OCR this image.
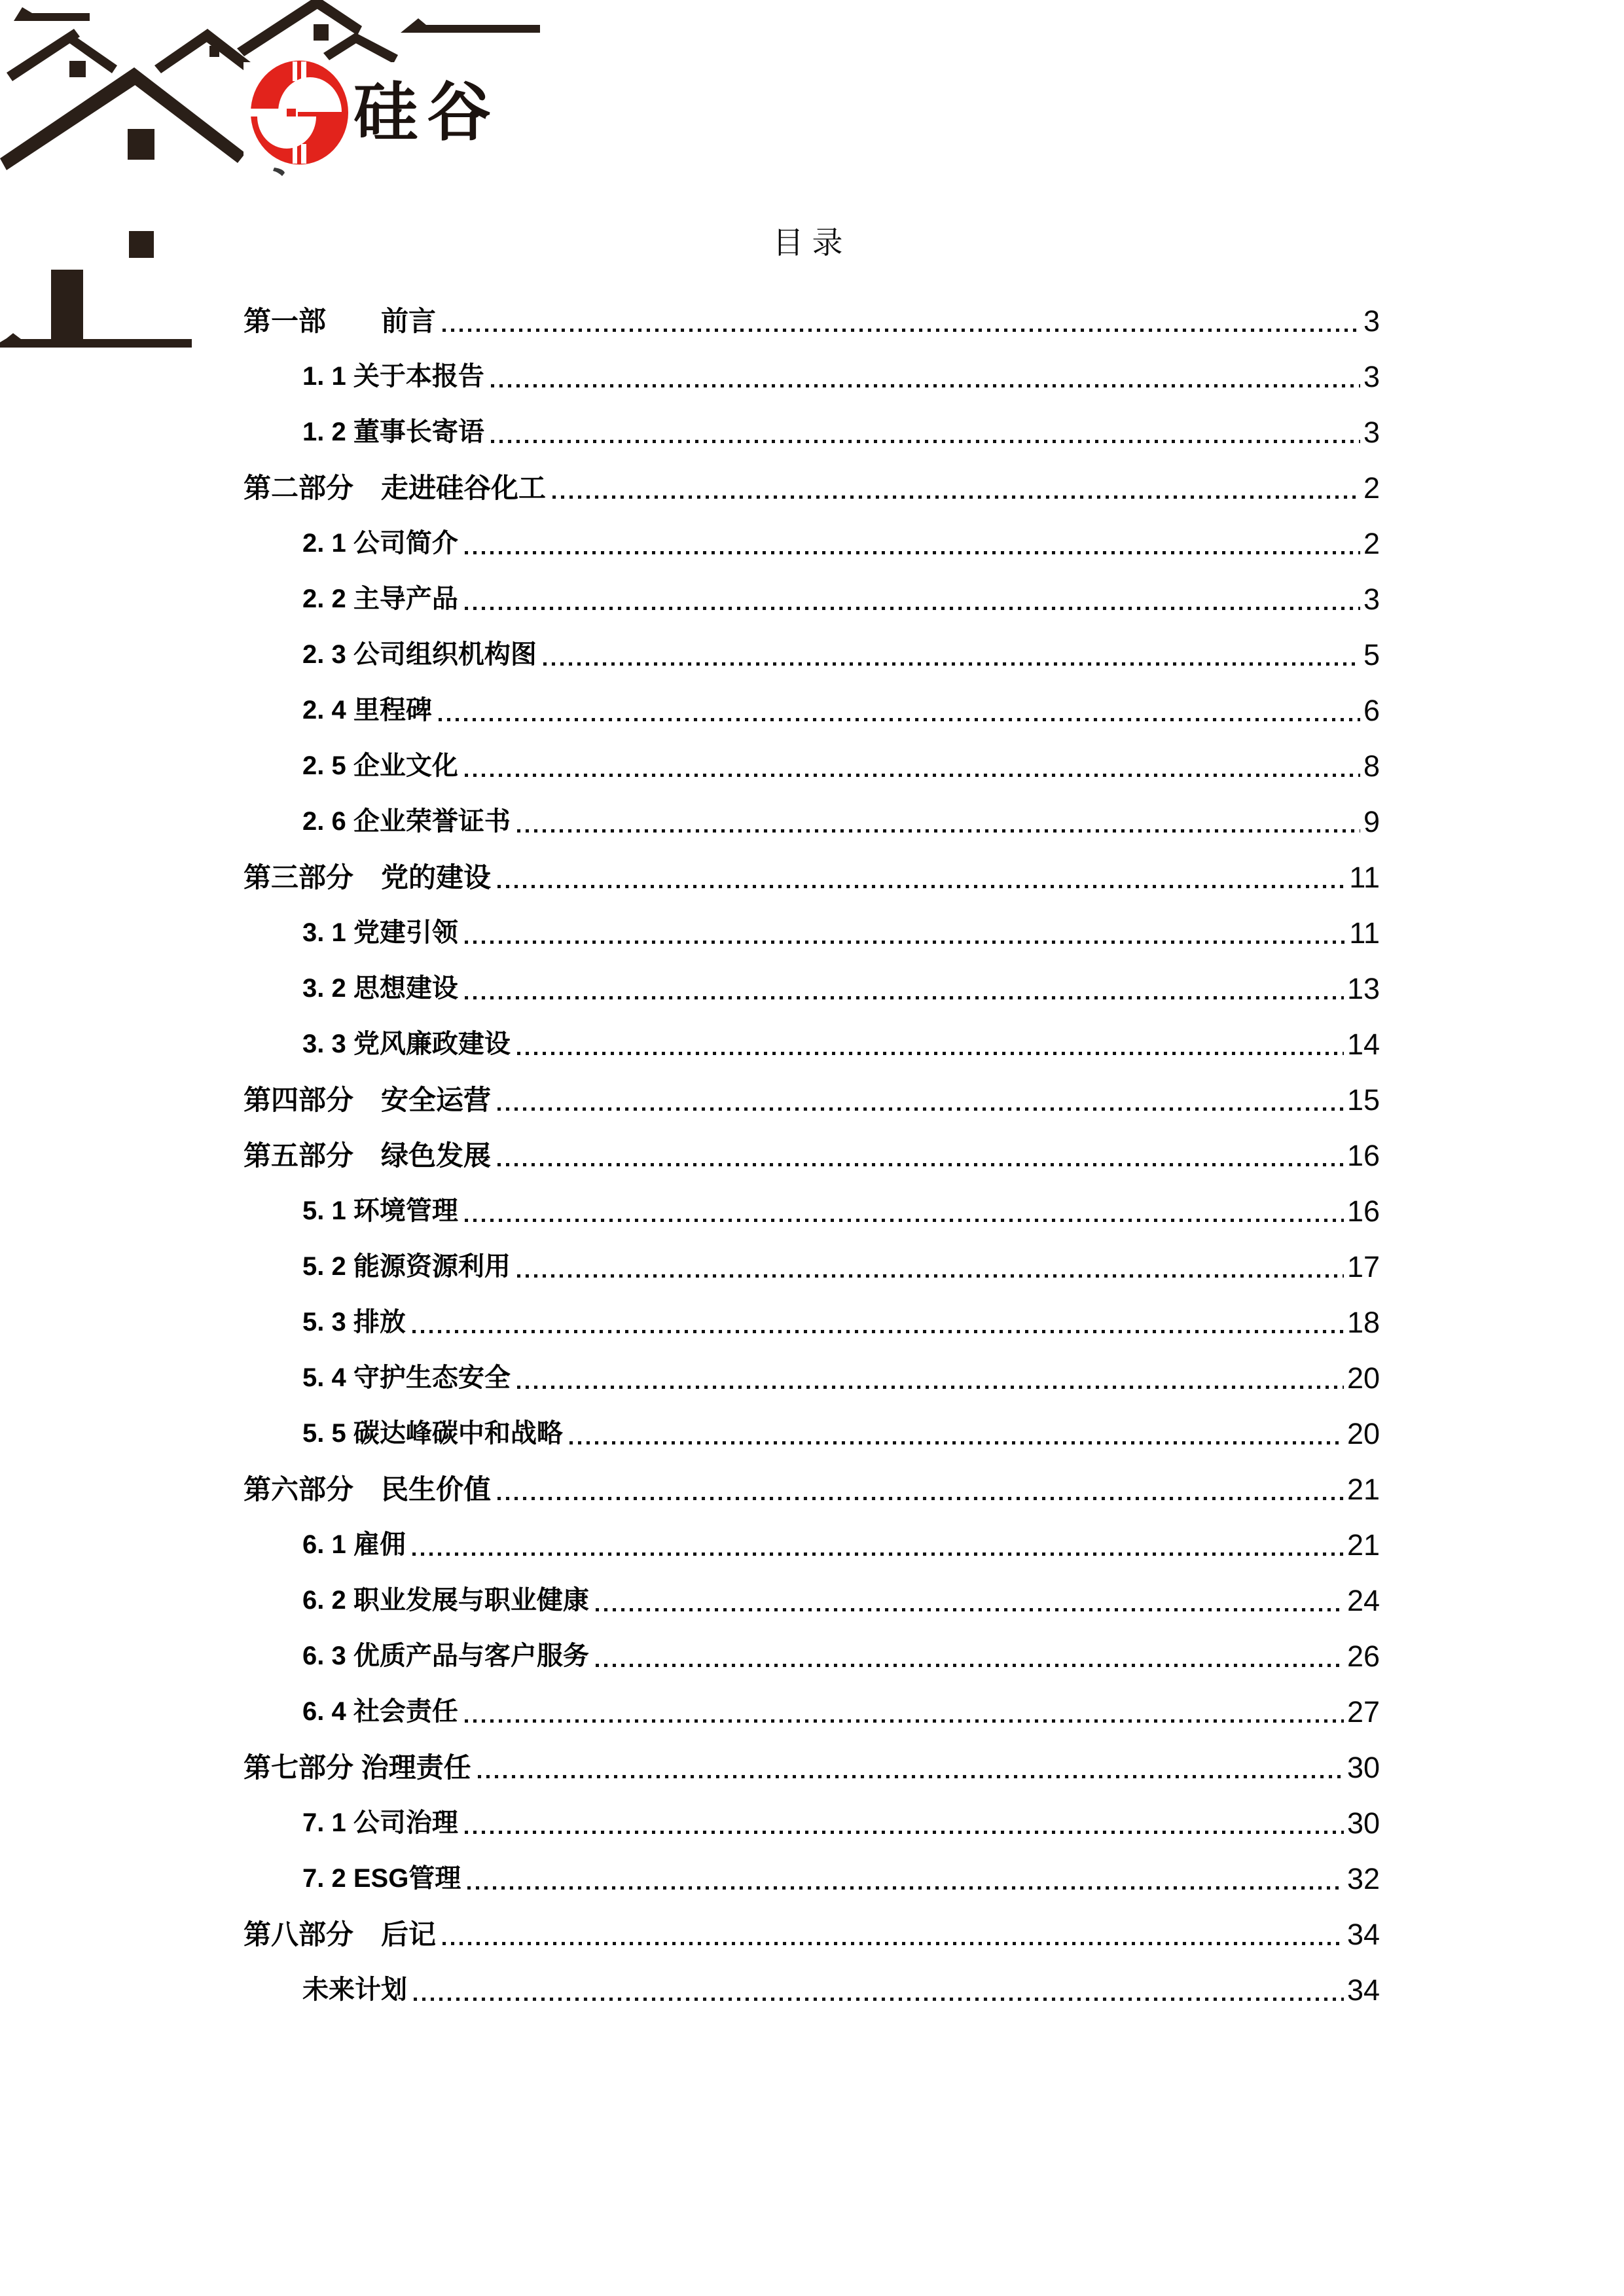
硅谷
目录
第一部　　前言	3
1. 1 关于本报告	3
1. 2 董事长寄语	3
第二部分　走进硅谷化工	2
2. 1 公司简介	2
2. 2 主导产品	3
2. 3 公司组织机构图	5
2. 4 里程碑	6
2. 5 企业文化	8
2. 6 企业荣誉证书	9
第三部分　党的建设	11
3. 1 党建引领	11
3. 2 思想建设	13
3. 3 党风廉政建设	14
第四部分　安全运营	15
第五部分　绿色发展	16
5. 1 环境管理	16
5. 2 能源资源利用	17
5. 3 排放	18
5. 4 守护生态安全	20
5. 5 碳达峰碳中和战略	20
第六部分　民生价值	21
6. 1 雇佣	21
6. 2 职业发展与职业健康	24
6. 3 优质产品与客户服务	26
6. 4 社会责任	27
第七部分 治理责任	30
7. 1 公司治理	30
7. 2 ESG管理	32
第八部分　后记	34
未来计划	34
